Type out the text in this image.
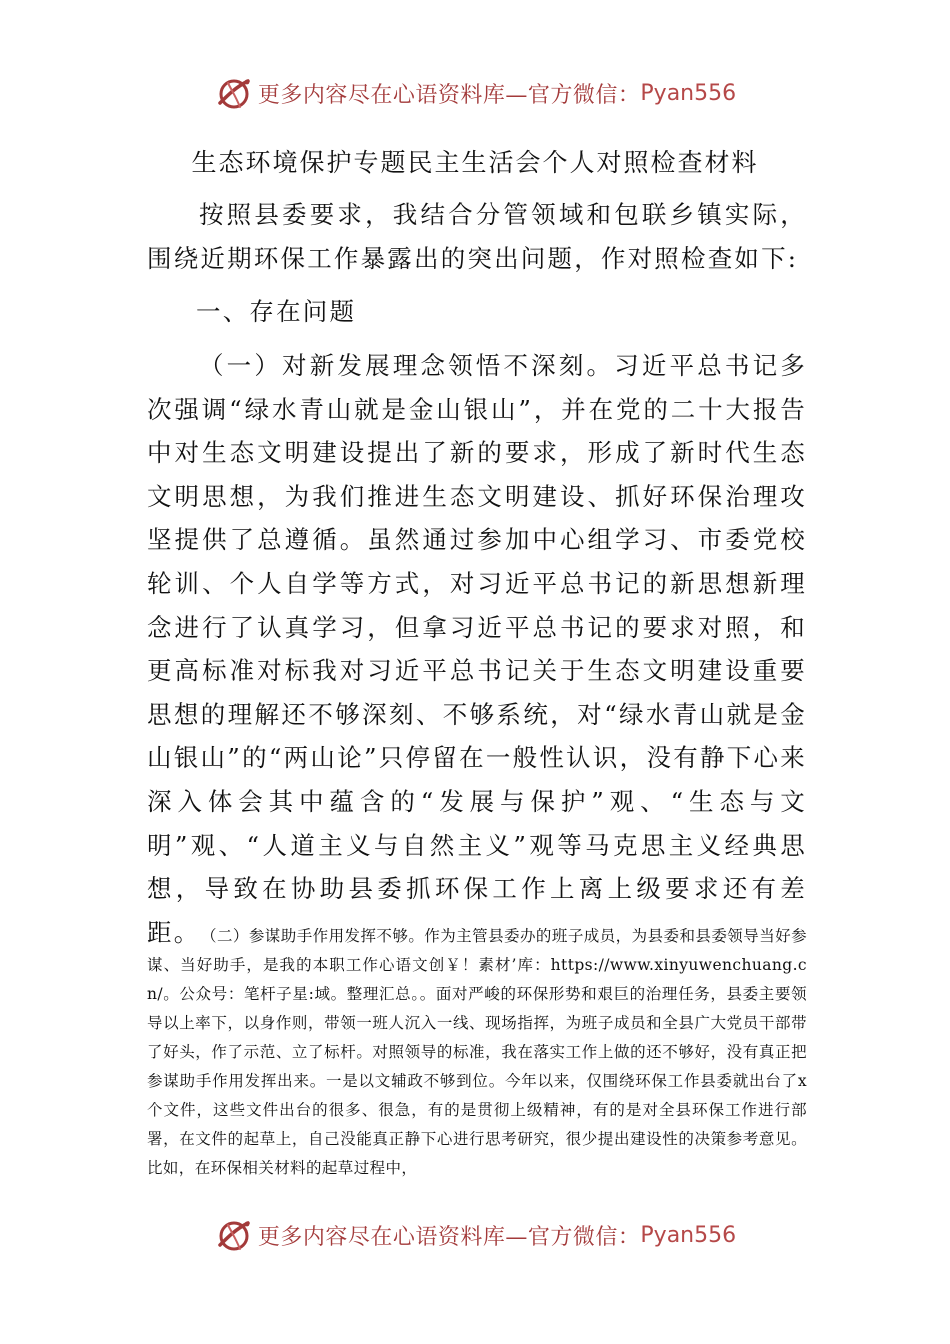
更多内容尽在心语资料库—官方微信： Pyan556
生态环境保护专题民主生活会个人对照检查材料

按照县委要求，我结合分管领域和包联乡镇实际，围绕近期环保工作暴露出的突出问题，作对照检查如下:

一、存在问题

（一）对新发展理念领悟不深刻。习近平总书记多次强调“绿水青山就是金山银山”，并在党的二十大报告中对生态文明建设提出了新的要求，形成了新时代生态文明思想，为我们推进生态文明建设、抓好环保治理攻坚提供了总遵循。虽然通过参加中心组学习、市委党校轮训、个人自学等方式，对习近平总书记的新思想新理念进行了认真学习，但拿习近平总书记的要求对照，和更高标准对标我对习近平总书记关于生态文明建设重要思想的理解还不够深刻、不够系统，对“绿水青山就是金山银山”的“两山论”只停留在一般性认识，没有静下心来深入体会其中蕴含的“发展与保护”观、“生态与文明”观、“人道主义与自然主义”观等马克思主义经典思想，导致在协助县委抓环保工作上离上级要求还有差距。 （二）参谋助手作用发挥不够。作为主管县委办的班子成员，为县委和县委领导当好参谋、当好助手，是我的本职工作心语文创￥！素材’库：https://www.xinyuwenchuang.cn/。公众号：笔杆子星:域。整理汇总。。面对严峻的环保形势和艰巨的治理任务，县委主要领导以上率下，以身作则，带领一班人沉入一线、现场指挥，为班子成员和全县广大党员干部带了好头，作了示范、立了标杆。对照领导的标准，我在落实工作上做的还不够好，没有真正把参谋助手作用发挥出来。一是以文辅政不够到位。今年以来，仅围绕环保工作县委就出台了x个文件，这些文件出台的很多、很急，有的是贯彻上级精神，有的是对全县环保工作进行部署，在文件的起草上，自己没能真正静下心进行思考研究，很少提出建设性的决策参考意见。比如，在环保相关材料的起草过程中，

更多内容尽在心语资料库—官方微信： Pyan556
